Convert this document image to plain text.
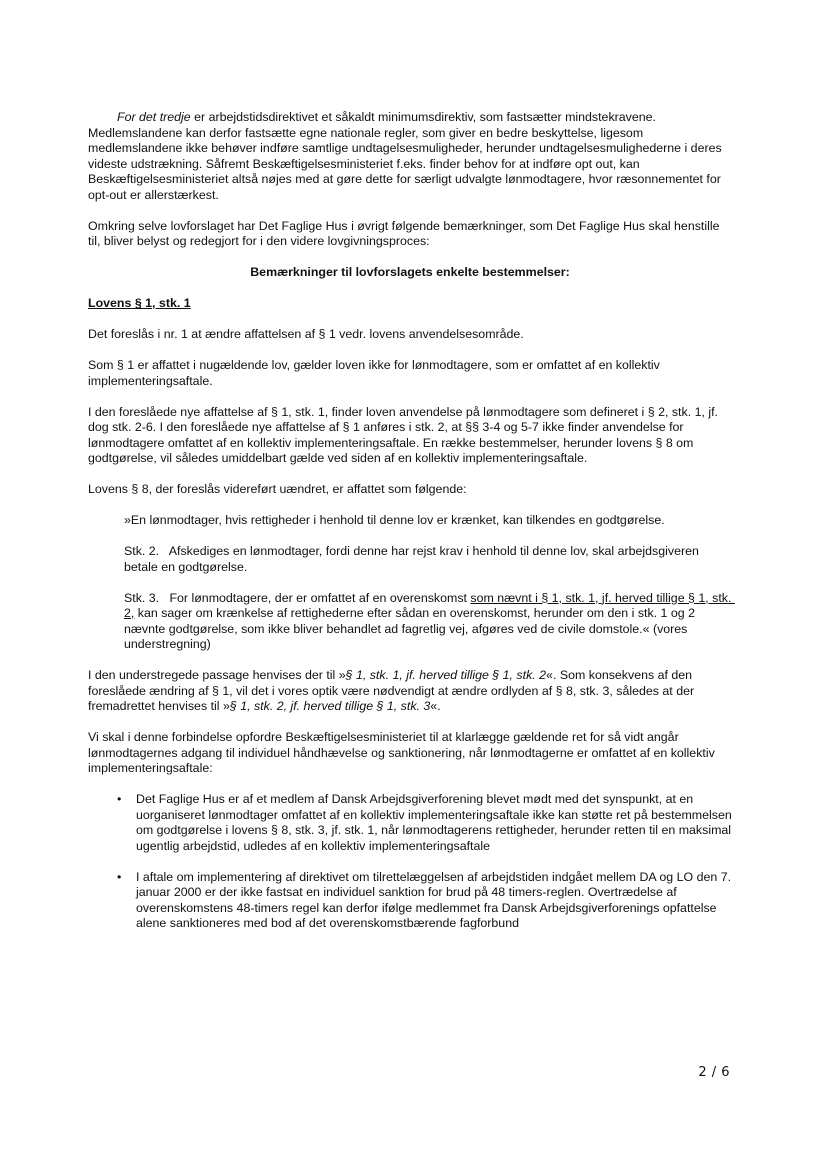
For det tredje er arbejdstidsdirektivet et såkaldt minimumsdirektiv, som fastsætter mindstekravene. Medlemslandene kan derfor fastsætte egne nationale regler, som giver en bedre beskyttelse, ligesom medlemslandene ikke behøver indføre samtlige undtagelsesmuligheder, herunder undtagelsesmulighederne i deres videste udstrækning. Såfremt Beskæftigelsesministeriet f.eks. finder behov for at indføre opt out, kan Beskæftigelsesministeriet altså nøjes med at gøre dette for særligt udvalgte lønmodtagere, hvor ræsonnementet for opt-out er allerstærkest.

Omkring selve lovforslaget har Det Faglige Hus i øvrigt følgende bemærkninger, som Det Faglige Hus skal henstille til, bliver belyst og redegjort for i den videre lovgivningsproces:

Bemærkninger til lovforslagets enkelte bestemmelser:

Lovens § 1, stk. 1

Det foreslås i nr. 1 at ændre affattelsen af § 1 vedr. lovens anvendelsesområde.

Som § 1 er affattet i nugældende lov, gælder loven ikke for lønmodtagere, som er omfattet af en kollektiv implementeringsaftale.

I den foreslåede nye affattelse af § 1, stk. 1, finder loven anvendelse på lønmodtagere som defineret i § 2, stk. 1, jf. dog stk. 2-6. I den foreslåede nye affattelse af § 1 anføres i stk. 2, at §§ 3-4 og 5-7 ikke finder anvendelse for lønmodtagere omfattet af en kollektiv implementeringsaftale. En række bestemmelser, herunder lovens § 8 om godtgørelse, vil således umiddelbart gælde ved siden af en kollektiv implementeringsaftale.

Lovens § 8, der foreslås videreført uændret, er affattet som følgende:

»En lønmodtager, hvis rettigheder i henhold til denne lov er krænket, kan tilkendes en godtgørelse.

Stk. 2.   Afskediges en lønmodtager, fordi denne har rejst krav i henhold til denne lov, skal arbejdsgiveren betale en godtgørelse.

Stk. 3.   For lønmodtagere, der er omfattet af en overenskomst som nævnt i § 1, stk. 1, jf. herved tillige § 1, stk. 2, kan sager om krænkelse af rettighederne efter sådan en overenskomst, herunder om den i stk. 1 og 2 nævnte godtgørelse, som ikke bliver behandlet ad fagretlig vej, afgøres ved de civile domstole.« (vores understregning)

I den understregede passage henvises der til »§ 1, stk. 1, jf. herved tillige § 1, stk. 2«. Som konsekvens af den foreslåede ændring af § 1, vil det i vores optik være nødvendigt at ændre ordlyden af § 8, stk. 3, således at der fremadrettet henvises til »§ 1, stk. 2, jf. herved tillige § 1, stk. 3«.

Vi skal i denne forbindelse opfordre Beskæftigelsesministeriet til at klarlægge gældende ret for så vidt angår lønmodtagernes adgang til individuel håndhævelse og sanktionering, når lønmodtagerne er omfattet af en kollektiv implementeringsaftale:

• Det Faglige Hus er af et medlem af Dansk Arbejdsgiverforening blevet mødt med det synspunkt, at en uorganiseret lønmodtager omfattet af en kollektiv implementeringsaftale ikke kan støtte ret på bestemmelsen om godtgørelse i lovens § 8, stk. 3, jf. stk. 1, når lønmodtagerens rettigheder, herunder retten til en maksimal ugentlig arbejdstid, udledes af en kollektiv implementeringsaftale
• I aftale om implementering af direktivet om tilrettelæggelsen af arbejdstiden indgået mellem DA og LO den 7. januar 2000 er der ikke fastsat en individuel sanktion for brud på 48 timers-reglen. Overtrædelse af overenskomstens 48-timers regel kan derfor ifølge medlemmet fra Dansk Arbejdsgiverforenings opfattelse alene sanktioneres med bod af det overenskomstbærende fagforbund
2 / 6
